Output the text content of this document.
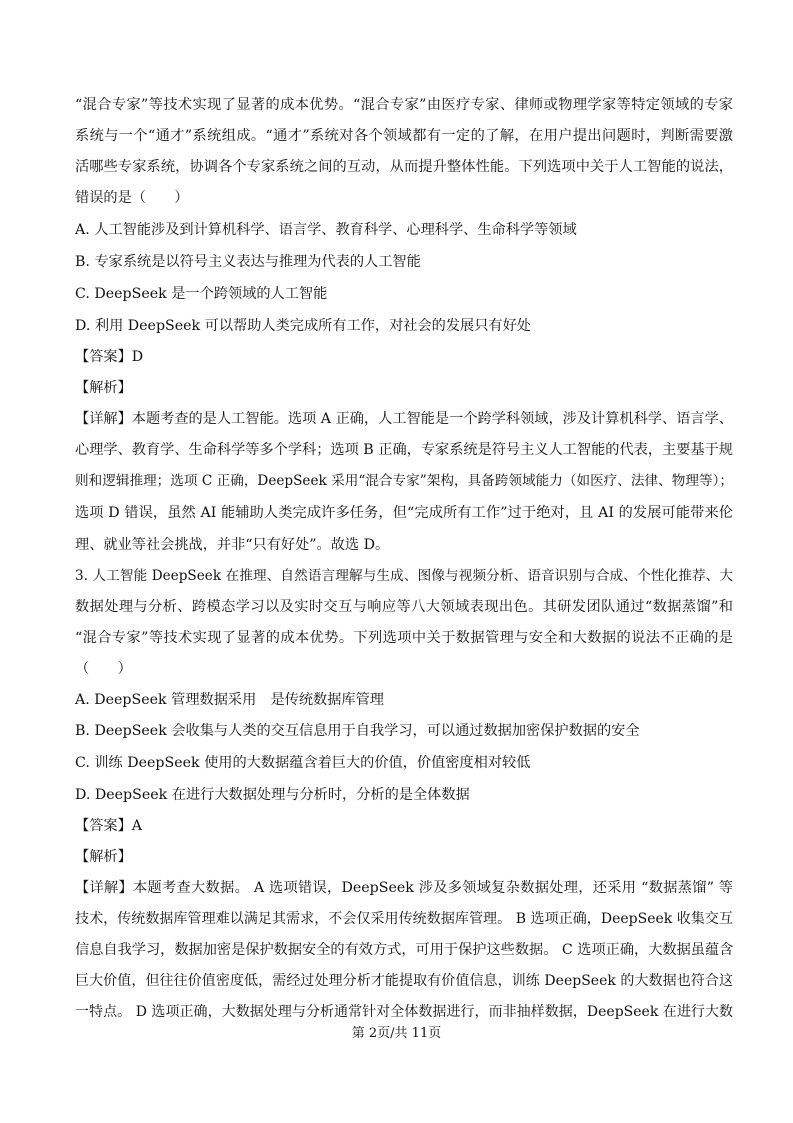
“混合专家”等技术实现了显著的成本优势。“混合专家”由医疗专家、律师或物理学家等特定领域的专家
系统与一个“通才”系统组成。“通才”系统对各个领域都有一定的了解，在用户提出问题时，判断需要激
活哪些专家系统，协调各个专家系统之间的互动，从而提升整体性能。下列选项中关于人工智能的说法，
错误的是（　　）
A. 人工智能涉及到计算机科学、语言学、教育科学、心理科学、生命科学等领域
B. 专家系统是以符号主义表达与推理为代表的人工智能
C. DeepSeek 是一个跨领域的人工智能
D. 利用 DeepSeek 可以帮助人类完成所有工作，对社会的发展只有好处
【答案】D
【解析】
【详解】本题考查的是人工智能。选项 A 正确，人工智能是一个跨学科领域，涉及计算机科学、语言学、
心理学、教育学、生命科学等多个学科；选项 B 正确，专家系统是符号主义人工智能的代表，主要基于规
则和逻辑推理；选项 C 正确，DeepSeek 采用“混合专家”架构，具备跨领域能力（如医疗、法律、物理等）；
选项 D 错误，虽然 AI 能辅助人类完成许多任务，但“完成所有工作”过于绝对，且 AI 的发展可能带来伦
理、就业等社会挑战，并非“只有好处”。故选 D。
3. 人工智能 DeepSeek 在推理、自然语言理解与生成、图像与视频分析、语音识别与合成、个性化推荐、大
数据处理与分析、跨模态学习以及实时交互与响应等八大领域表现出色。其研发团队通过“数据蒸馏”和
“混合专家”等技术实现了显著的成本优势。下列选项中关于数据管理与安全和大数据的说法不正确的是
（　　）
A. DeepSeek 管理数据采用　是传统数据库管理
B. DeepSeek 会收集与人类的交互信息用于自我学习，可以通过数据加密保护数据的安全
C. 训练 DeepSeek 使用的大数据蕴含着巨大的价值，价值密度相对较低
D. DeepSeek 在进行大数据处理与分析时，分析的是全体数据
【答案】A
【解析】
【详解】本题考查大数据。 A 选项错误，DeepSeek 涉及多领域复杂数据处理，还采用 “数据蒸馏” 等
技术，传统数据库管理难以满足其需求，不会仅采用传统数据库管理。 B 选项正确，DeepSeek 收集交互
信息自我学习，数据加密是保护数据安全的有效方式，可用于保护这些数据。 C 选项正确，大数据虽蕴含
巨大价值，但往往价值密度低，需经过处理分析才能提取有价值信息，训练 DeepSeek 的大数据也符合这
一特点。 D 选项正确，大数据处理与分析通常针对全体数据进行，而非抽样数据，DeepSeek 在进行大数
第 2页/共 11页
